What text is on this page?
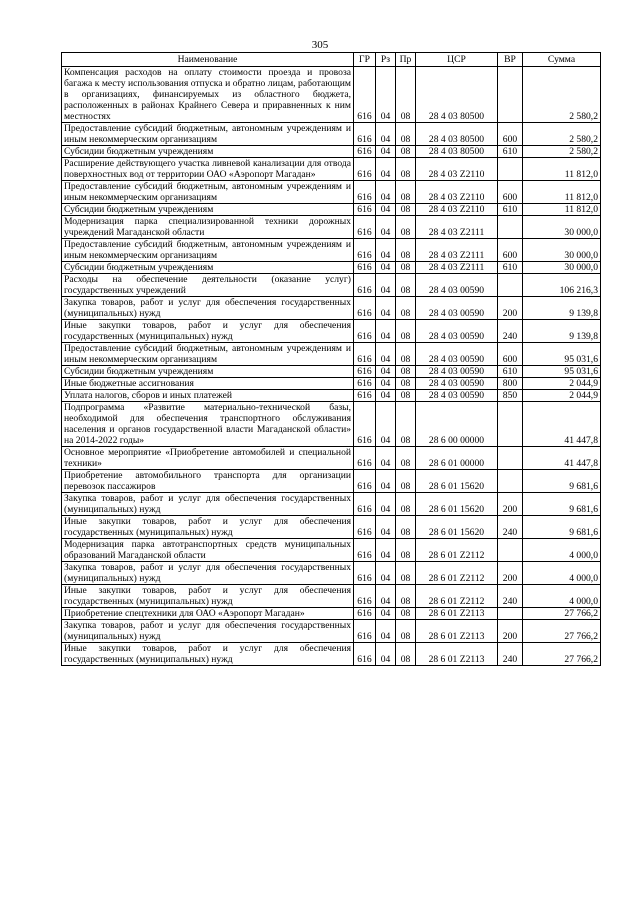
305
Наименование	ГР	Рз	Пр	ЦСР	ВР	Сумма
Компенсация расходов на оплату стоимости проезда и провоза багажа к месту использования отпуска и обратно лицам, работающим в организациях, финансируемых из областного бюджета, расположенных в районах Крайнего Севера и приравненных к ним местностях	616	04	08	28 4 03 80500		2 580,2
Предоставление субсидий бюджетным, автономным учреждениям и иным некоммерческим организациям	616	04	08	28 4 03 80500	600	2 580,2
Субсидии бюджетным учреждениям	616	04	08	28 4 03 80500	610	2 580,2
Расширение действующего участка ливневой канализации для отвода поверхностных вод от территории ОАО «Аэропорт Магадан»	616	04	08	28 4 03 Z2110		11 812,0
Предоставление субсидий бюджетным, автономным учреждениям и иным некоммерческим организациям	616	04	08	28 4 03 Z2110	600	11 812,0
Субсидии бюджетным учреждениям	616	04	08	28 4 03 Z2110	610	11 812,0
Модернизация парка специализированной техники дорожных учреждений Магаданской области	616	04	08	28 4 03 Z2111		30 000,0
Предоставление субсидий бюджетным, автономным учреждениям и иным некоммерческим организациям	616	04	08	28 4 03 Z2111	600	30 000,0
Субсидии бюджетным учреждениям	616	04	08	28 4 03 Z2111	610	30 000,0
Расходы на обеспечение деятельности (оказание услуг) государственных учреждений	616	04	08	28 4 03 00590		106 216,3
Закупка товаров, работ и услуг для обеспечения государственных (муниципальных) нужд	616	04	08	28 4 03 00590	200	9 139,8
Иные закупки товаров, работ и услуг для обеспечения государственных (муниципальных) нужд	616	04	08	28 4 03 00590	240	9 139,8
Предоставление субсидий бюджетным, автономным учреждениям и иным некоммерческим организациям	616	04	08	28 4 03 00590	600	95 031,6
Субсидии бюджетным учреждениям	616	04	08	28 4 03 00590	610	95 031,6
Иные бюджетные ассигнования	616	04	08	28 4 03 00590	800	2 044,9
Уплата налогов, сборов и иных платежей	616	04	08	28 4 03 00590	850	2 044,9
Подпрограмма «Развитие материально-технической базы, необходимой для обеспечения транспортного обслуживания населения и органов государственной власти Магаданской области» на 2014-2022 годы»	616	04	08	28 6 00 00000		41 447,8
Основное мероприятие «Приобретение автомобилей и специальной техники»	616	04	08	28 6 01 00000		41 447,8
Приобретение автомобильного транспорта для организации перевозок пассажиров	616	04	08	28 6 01 15620		9 681,6
Закупка товаров, работ и услуг для обеспечения государственных (муниципальных) нужд	616	04	08	28 6 01 15620	200	9 681,6
Иные закупки товаров, работ и услуг для обеспечения государственных (муниципальных) нужд	616	04	08	28 6 01 15620	240	9 681,6
Модернизация парка автотранспортных средств муниципальных образований Магаданской области	616	04	08	28 6 01 Z2112		4 000,0
Закупка товаров, работ и услуг для обеспечения государственных (муниципальных) нужд	616	04	08	28 6 01 Z2112	200	4 000,0
Иные закупки товаров, работ и услуг для обеспечения государственных (муниципальных) нужд	616	04	08	28 6 01 Z2112	240	4 000,0
Приобретение спецтехники для ОАО «Аэропорт Магадан»	616	04	08	28 6 01 Z2113		27 766,2
Закупка товаров, работ и услуг для обеспечения государственных (муниципальных) нужд	616	04	08	28 6 01 Z2113	200	27 766,2
Иные закупки товаров, работ и услуг для обеспечения государственных (муниципальных) нужд	616	04	08	28 6 01 Z2113	240	27 766,2
